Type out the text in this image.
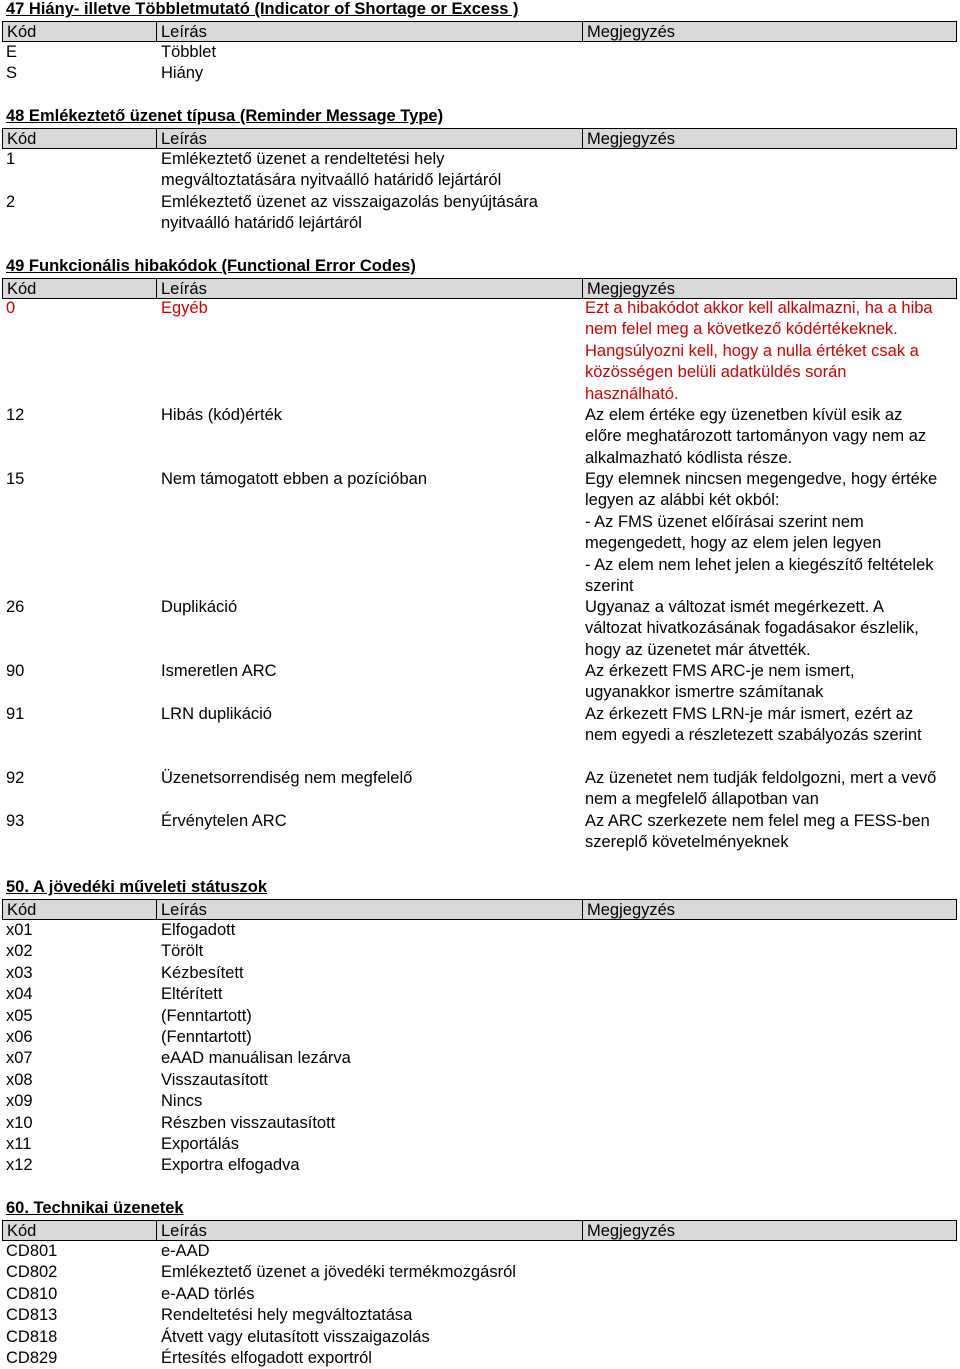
47 Hiány- illetve Többletmutató (Indicator of Shortage or Excess )
Kód	Leírás	Megjegyzés
E	Többlet
S	Hiány
48 Emlékeztető üzenet típusa (Reminder Message Type)
Kód	Leírás	Megjegyzés
1	Emlékeztető üzenet a rendeltetési hely
megváltoztatására nyitvaálló határidő lejártáról
2	Emlékeztető üzenet az visszaigazolás benyújtására
nyitvaálló határidő lejártáról
49 Funkcionális hibakódok (Functional Error Codes)
Kód	Leírás	Megjegyzés
0	Egyéb	Ezt a hibakódot akkor kell alkalmazni, ha a hiba
nem felel meg a következő kódértékeknek.
Hangsúlyozni kell, hogy a nulla értéket csak a
közösségen belüli adatküldés során
használható.
12	Hibás (kód)érték	Az elem értéke egy üzenetben kívül esik az
előre meghatározott tartományon vagy nem az
alkalmazható kódlista része.
15	Nem támogatott ebben a pozícióban	Egy elemnek nincsen megengedve, hogy értéke
legyen az alábbi két okból:
- Az FMS üzenet előírásai szerint nem
megengedett, hogy az elem jelen legyen
- Az elem nem lehet jelen a kiegészítő feltételek
szerint
26	Duplikáció	Ugyanaz a változat ismét megérkezett. A
változat hivatkozásának fogadásakor észlelik,
hogy az üzenetet már átvették.
90	Ismeretlen ARC	Az érkezett FMS ARC-je nem ismert,
ugyanakkor ismertre számítanak
91	LRN duplikáció	Az érkezett FMS LRN-je már ismert, ezért az
nem egyedi a részletezett szabályozás szerint
92	Üzenetsorrendiség nem megfelelő	Az üzenetet nem tudják feldolgozni, mert a vevő
nem a megfelelő állapotban van
93	Érvénytelen ARC	Az ARC szerkezete nem felel meg a FESS-ben
szereplő követelményeknek
50. A jövedéki műveleti státuszok
Kód	Leírás	Megjegyzés
x01	Elfogadott
x02	Törölt
x03	Kézbesített
x04	Eltérített
x05	(Fenntartott)
x06	(Fenntartott)
x07	eAAD manuálisan lezárva
x08	Visszautasított
x09	Nincs
x10	Részben visszautasított
x11	Exportálás
x12	Exportra elfogadva
60. Technikai üzenetek
Kód	Leírás	Megjegyzés
CD801	e-AAD
CD802	Emlékeztető üzenet a jövedéki termékmozgásról
CD810	e-AAD törlés
CD813	Rendeltetési hely megváltoztatása
CD818	Átvett vagy elutasított visszaigazolás
CD829	Értesítés elfogadott exportról
